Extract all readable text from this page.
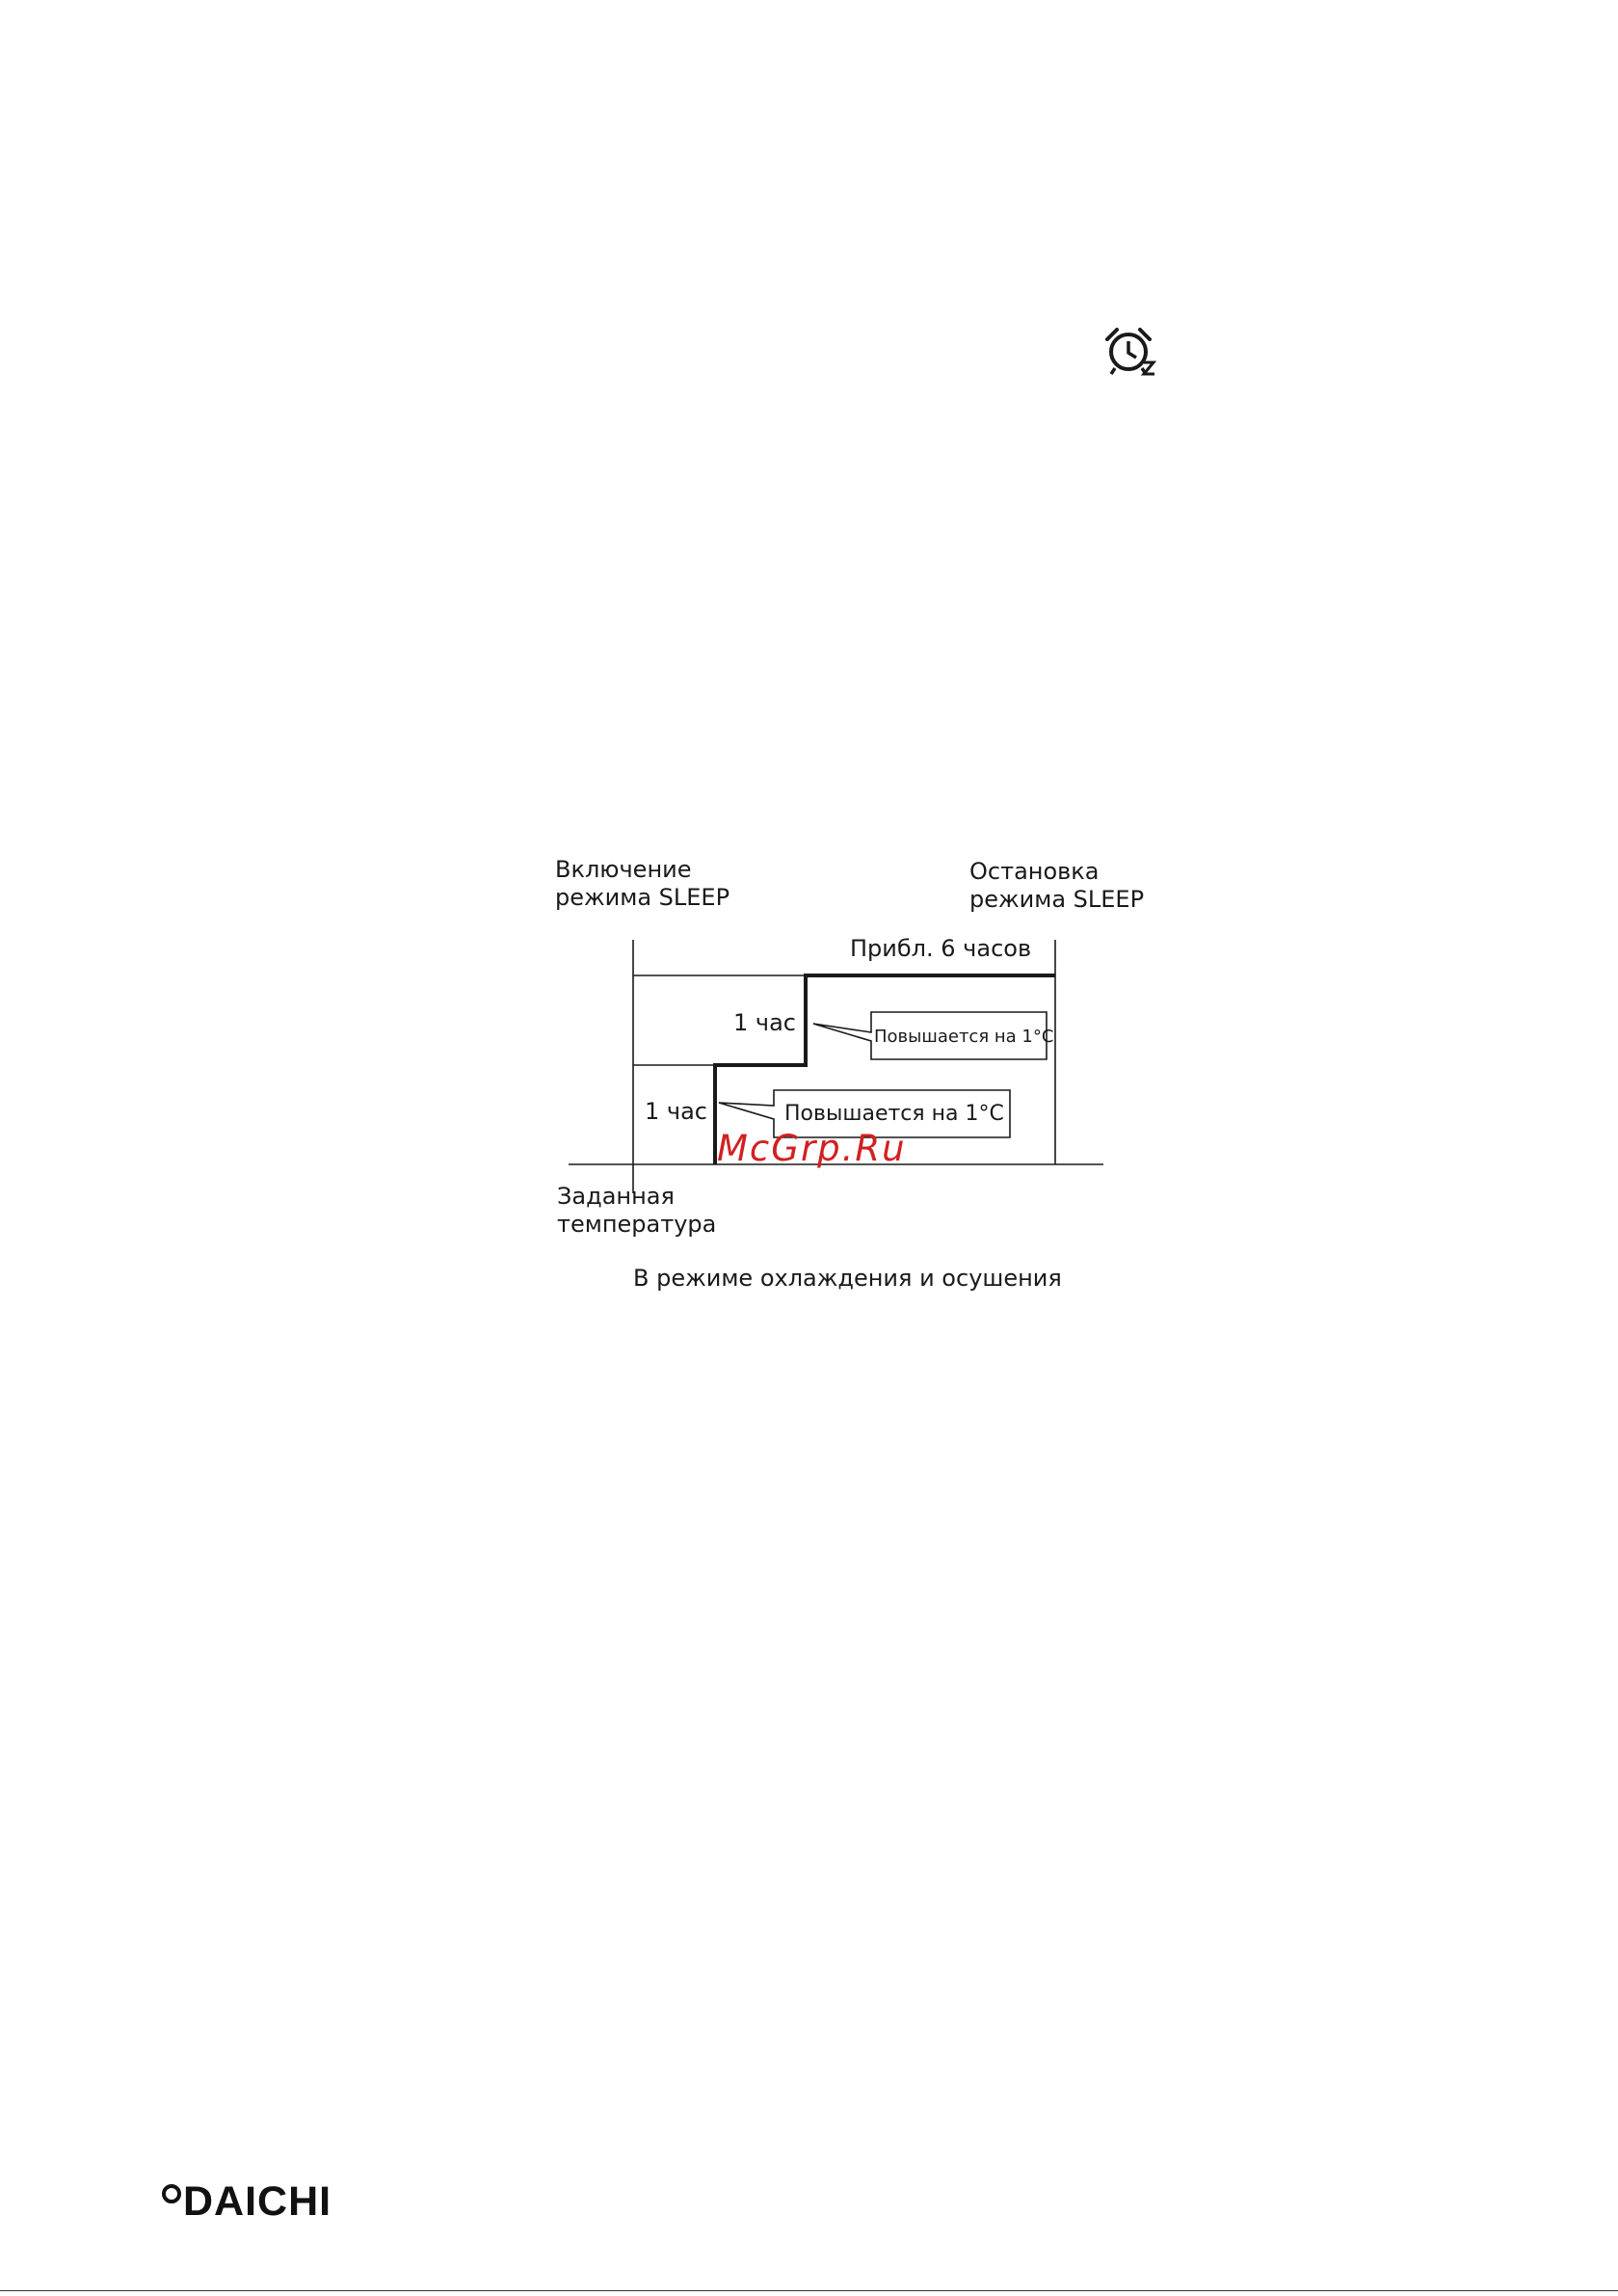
Включение
режима SLEEP
Остановка
режима SLEEP
Прибл. 6 часов
1 час
1 час
Повышается на 1°С
Повышается на 1°С
McGrp.Ru
Заданная
температура
В режиме охлаждения и осушения
DAICHI
